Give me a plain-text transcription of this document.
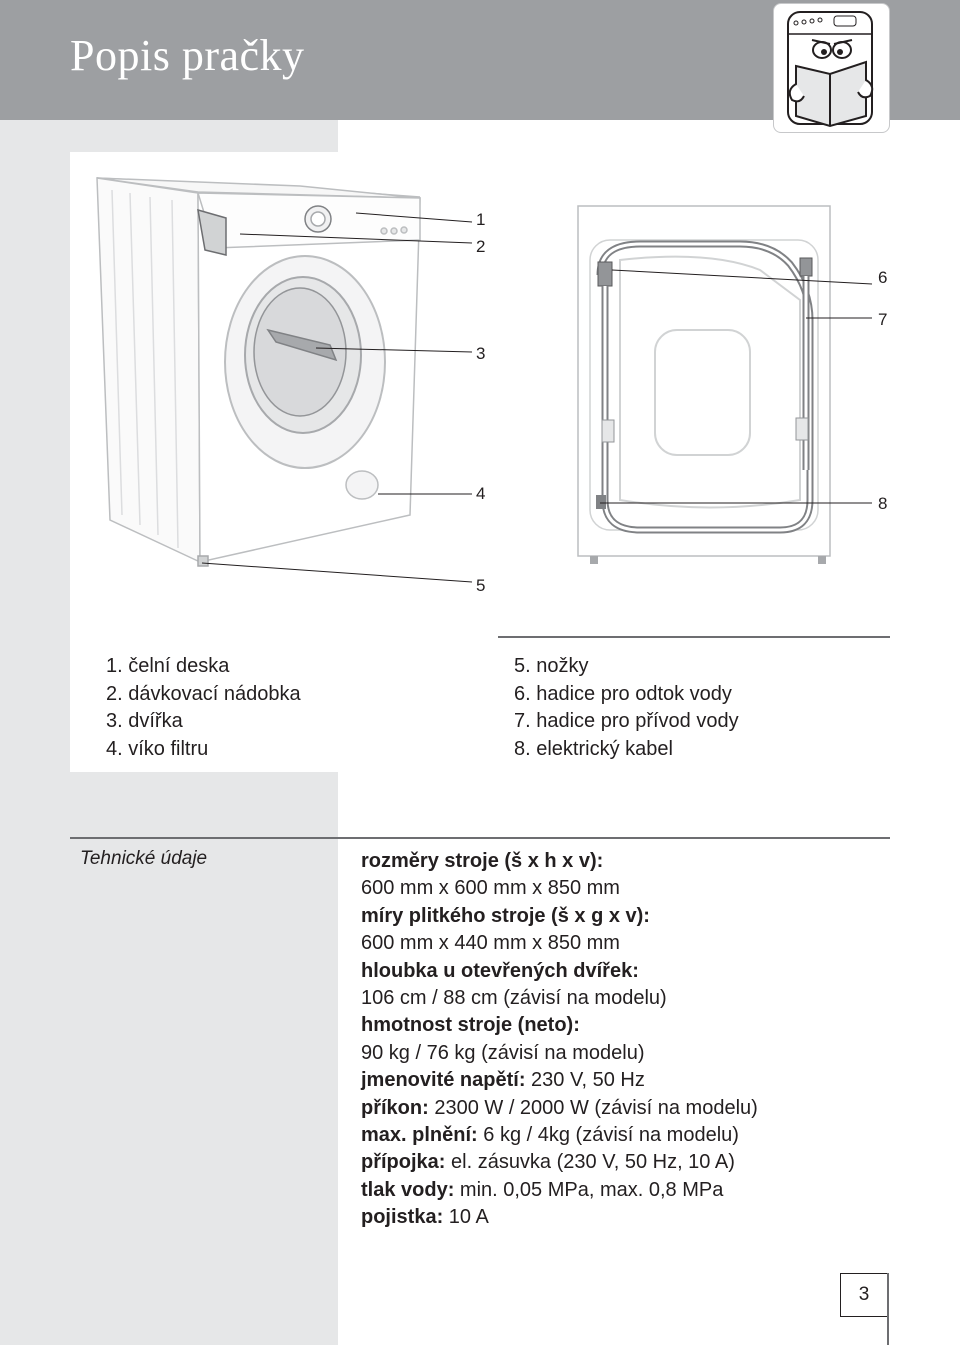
Popis pračky
1
2
3
4
5
6
7
8
1. čelní deska
2. dávkovací nádobka
3. dvířka
4. víko filtru
5. nožky
6. hadice pro odtok vody
7. hadice pro přívod vody
8. elektrický kabel
Tehnické údaje	rozměry stroje (š x h x v):
600 mm x 600 mm x 850 mm
míry plitkého stroje (š x g x v):
600 mm x 440 mm x 850 mm
hloubka u otevřených dvířek:
106 cm / 88 cm (závisí na modelu)
hmotnost stroje (neto):
90 kg / 76 kg (závisí na modelu)
jmenovité napětí: 230 V, 50 Hz
příkon: 2300 W / 2000 W (závisí na modelu)
max. plnění: 6 kg / 4kg (závisí na modelu)
přípojka: el. zásuvka (230 V, 50 Hz, 10 A)
tlak vody: min. 0,05 MPa, max. 0,8 MPa
pojistka: 10 A
3
